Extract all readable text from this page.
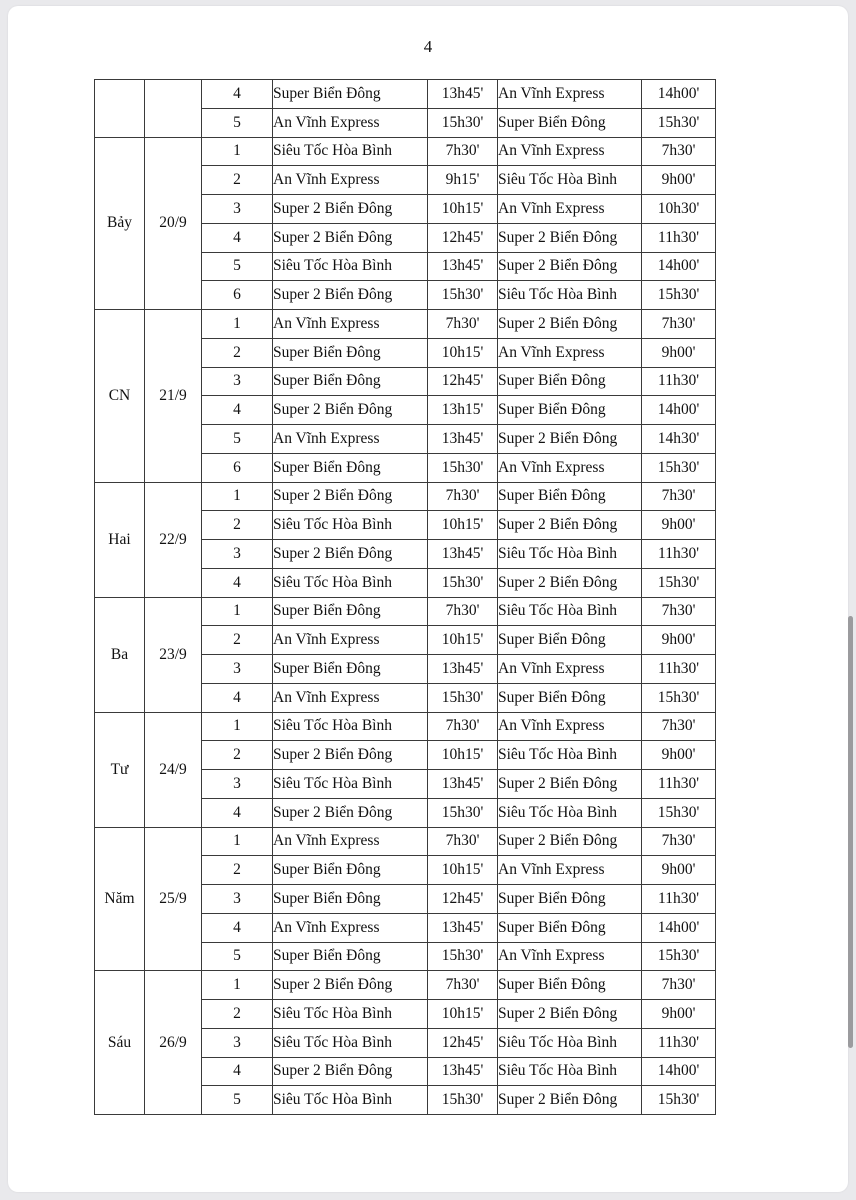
4
		4	Super Biển Đông	13h45'	An Vĩnh Express	14h00'
		5	An Vĩnh Express	15h30'	Super Biển Đông	15h30'
Bảy	20/9	1	Siêu Tốc Hòa Bình	7h30'	An Vĩnh Express	7h30'
		2	An Vĩnh Express	9h15'	Siêu Tốc Hòa Bình	9h00'
		3	Super 2 Biển Đông	10h15'	An Vĩnh Express	10h30'
		4	Super 2 Biển Đông	12h45'	Super 2 Biển Đông	11h30'
		5	Siêu Tốc Hòa Bình	13h45'	Super 2 Biển Đông	14h00'
		6	Super 2 Biển Đông	15h30'	Siêu Tốc Hòa Bình	15h30'
CN	21/9	1	An Vĩnh Express	7h30'	Super 2 Biển Đông	7h30'
		2	Super Biển Đông	10h15'	An Vĩnh Express	9h00'
		3	Super Biển Đông	12h45'	Super Biển Đông	11h30'
		4	Super 2 Biển Đông	13h15'	Super Biển Đông	14h00'
		5	An Vĩnh Express	13h45'	Super 2 Biển Đông	14h30'
		6	Super Biển Đông	15h30'	An Vĩnh Express	15h30'
Hai	22/9	1	Super 2 Biển Đông	7h30'	Super Biển Đông	7h30'
		2	Siêu Tốc Hòa Bình	10h15'	Super 2 Biển Đông	9h00'
		3	Super 2 Biển Đông	13h45'	Siêu Tốc Hòa Bình	11h30'
		4	Siêu Tốc Hòa Bình	15h30'	Super 2 Biển Đông	15h30'
Ba	23/9	1	Super Biển Đông	7h30'	Siêu Tốc Hòa Bình	7h30'
		2	An Vĩnh Express	10h15'	Super Biển Đông	9h00'
		3	Super Biển Đông	13h45'	An Vĩnh Express	11h30'
		4	An Vĩnh Express	15h30'	Super Biển Đông	15h30'
Tư	24/9	1	Siêu Tốc Hòa Bình	7h30'	An Vĩnh Express	7h30'
		2	Super 2 Biển Đông	10h15'	Siêu Tốc Hòa Bình	9h00'
		3	Siêu Tốc Hòa Bình	13h45'	Super 2 Biển Đông	11h30'
		4	Super 2 Biển Đông	15h30'	Siêu Tốc Hòa Bình	15h30'
Năm	25/9	1	An Vĩnh Express	7h30'	Super 2 Biển Đông	7h30'
		2	Super Biển Đông	10h15'	An Vĩnh Express	9h00'
		3	Super Biển Đông	12h45'	Super Biển Đông	11h30'
		4	An Vĩnh Express	13h45'	Super Biển Đông	14h00'
		5	Super Biển Đông	15h30'	An Vĩnh Express	15h30'
Sáu	26/9	1	Super 2 Biển Đông	7h30'	Super Biển Đông	7h30'
		2	Siêu Tốc Hòa Bình	10h15'	Super 2 Biển Đông	9h00'
		3	Siêu Tốc Hòa Bình	12h45'	Siêu Tốc Hòa Bình	11h30'
		4	Super 2 Biển Đông	13h45'	Siêu Tốc Hòa Bình	14h00'
		5	Siêu Tốc Hòa Bình	15h30'	Super 2 Biển Đông	15h30'
